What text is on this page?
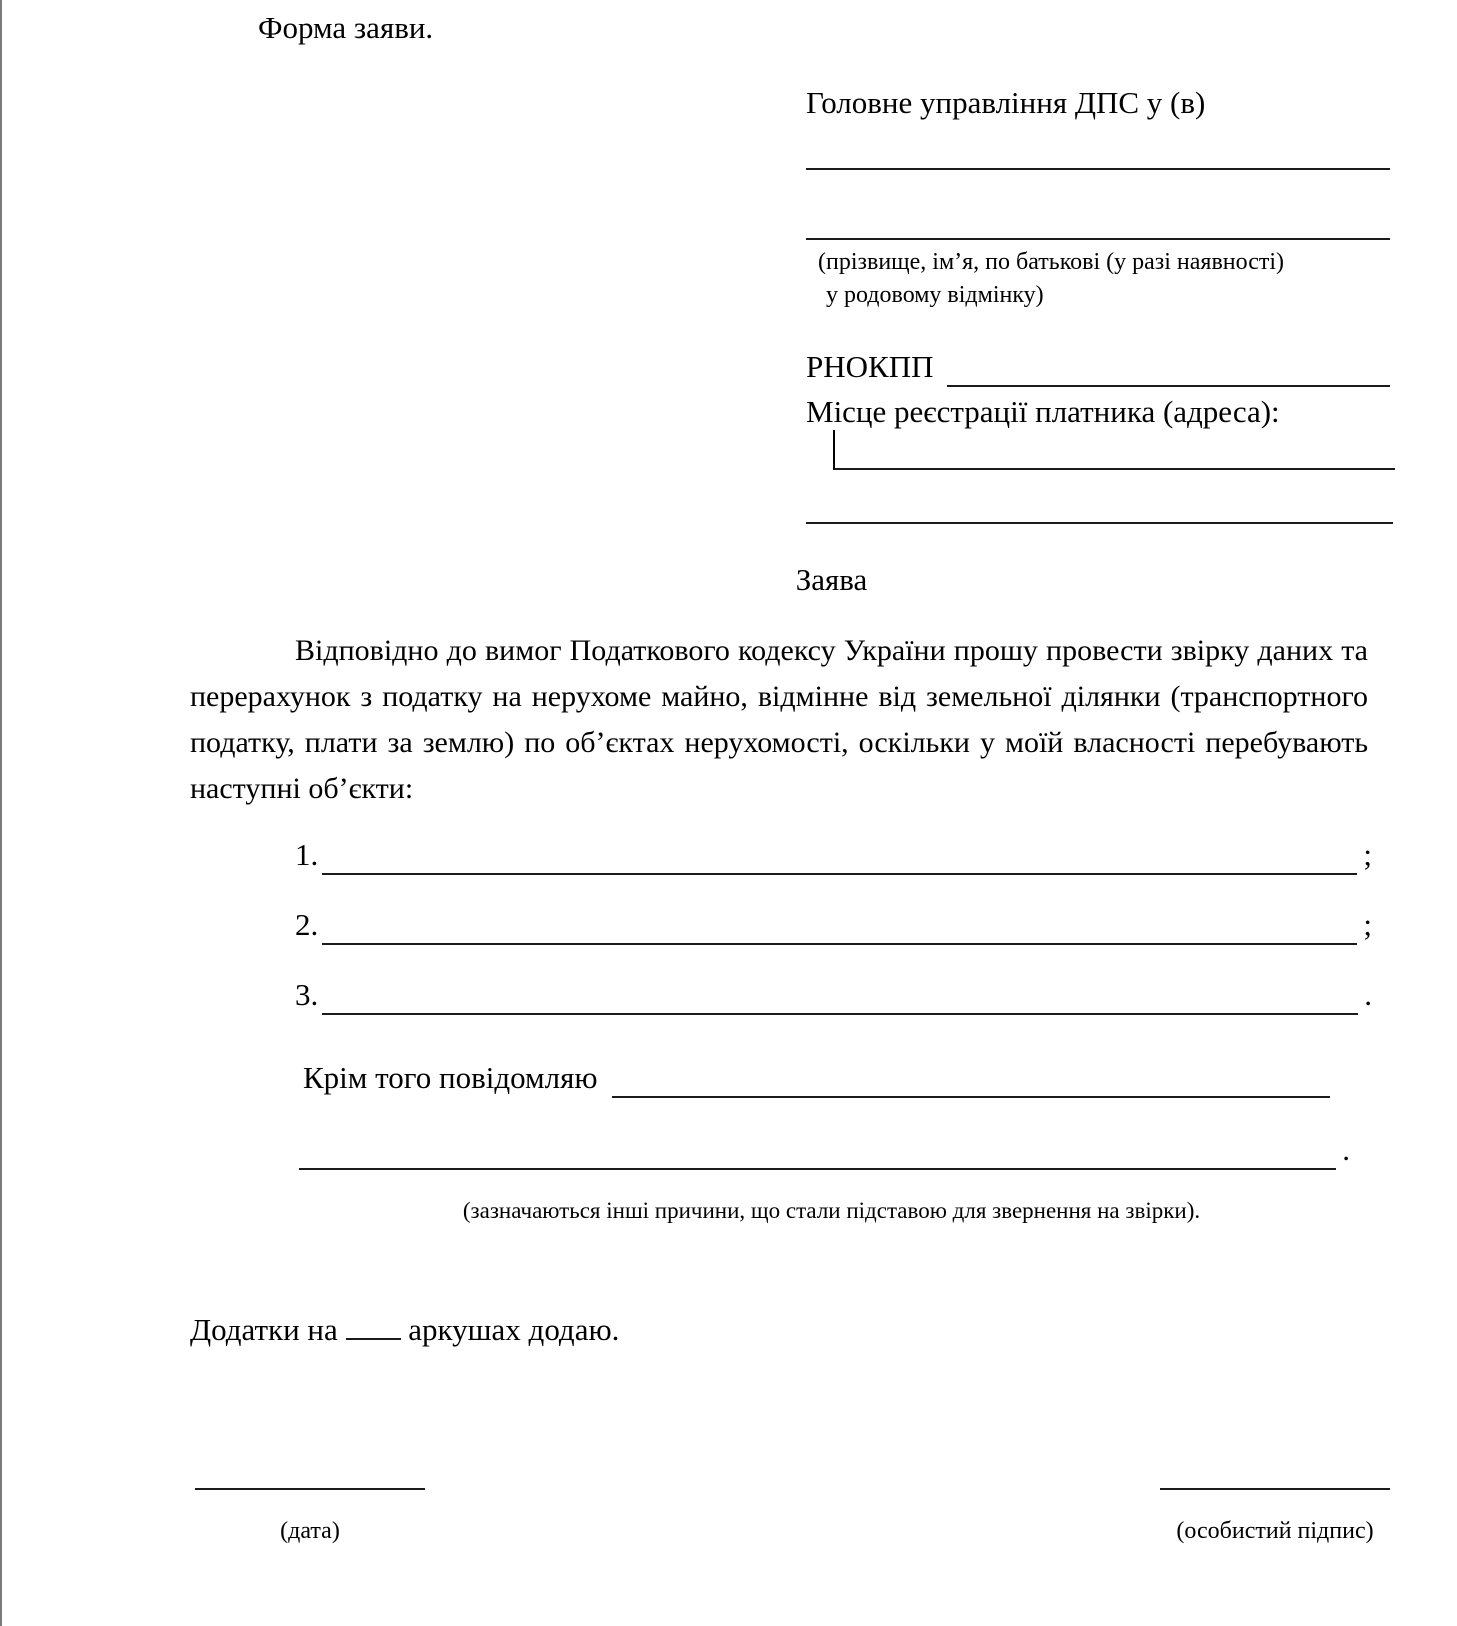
Форма заяви.
Головне управління ДПС у (в)
(прізвище, ім’я, по батькові (у разі наявності)
у родовому відмінку)
РНОКПП
Місце реєстрації платника (адреса):
Заява
Відповідно до вимог Податкового кодексу України прошу провести звірку даних та перерахунок з податку на нерухоме майно, відмінне від земельної ділянки (транспортного податку, плати за землю) по об’єктах нерухомості, оскільки у моїй власності перебувають наступні об’єкти:
1.	;
2.	;
3.	.
Крім того повідомляю
.
(зазначаються інші причини, що стали підставою для звернення на звірки).
Додатки на аркушах додаю.
(дата)	(особистий підпис)
